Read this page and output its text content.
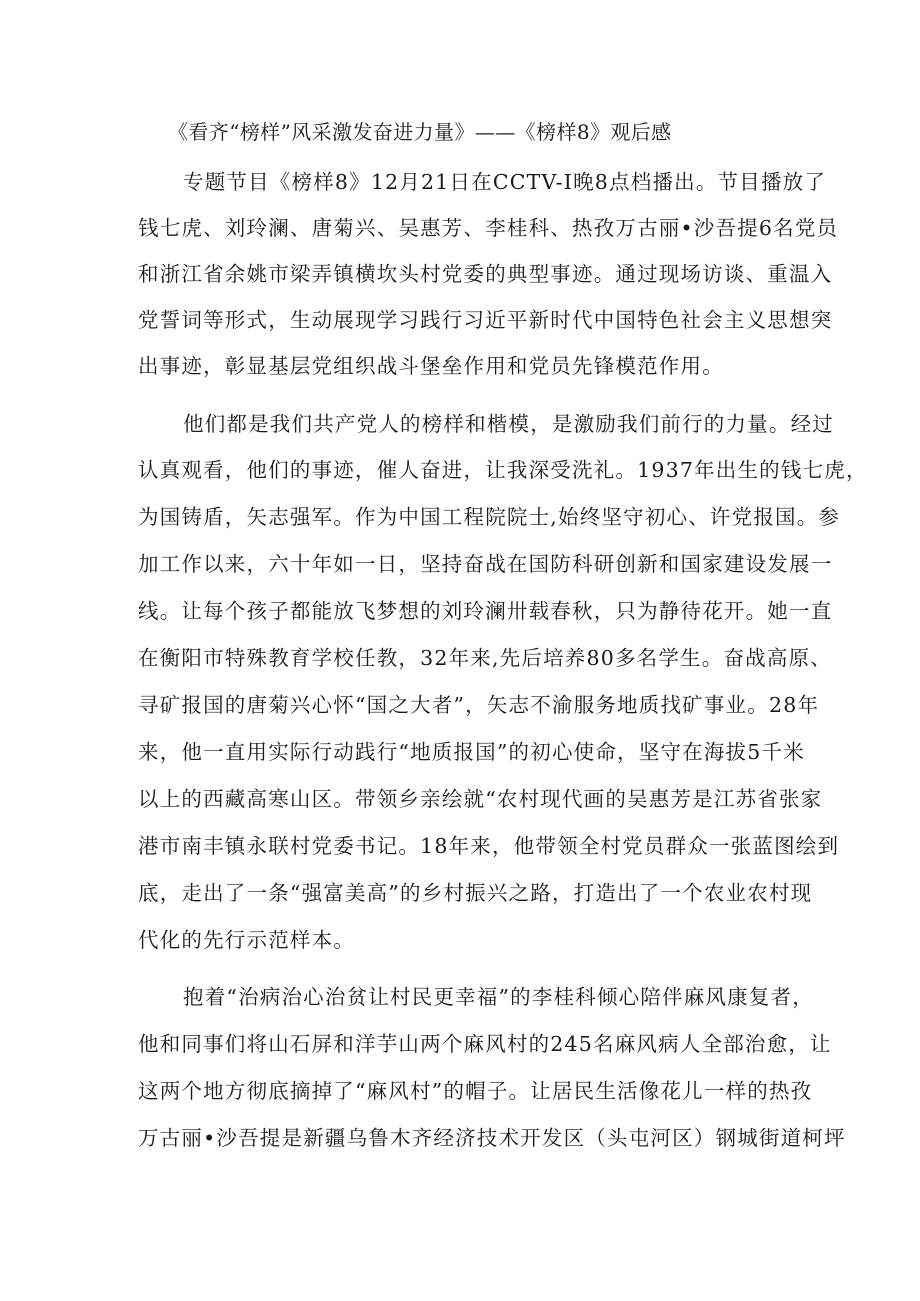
《看齐“榜样”风采激发奋进力量》——《榜样8》观后感
专题节目《榜样8》12月21日在CCTV-I晚8点档播出。节目播放了
钱七虎、刘玲澜、唐菊兴、吴惠芳、李桂科、热孜万古丽•沙吾提6名党员
和浙江省余姚市梁弄镇横坎头村党委的典型事迹。通过现场访谈、重温入
党誓词等形式，生动展现学习践行习近平新时代中国特色社会主义思想突
出事迹，彰显基层党组织战斗堡垒作用和党员先锋模范作用。
他们都是我们共产党人的榜样和楷模，是激励我们前行的力量。经过
认真观看，他们的事迹，催人奋进，让我深受洗礼。1937年出生的钱七虎，
为国铸盾，矢志强军。作为中国工程院院士,始终坚守初心、许党报国。参
加工作以来，六十年如一日，坚持奋战在国防科研创新和国家建设发展一
线。让每个孩子都能放飞梦想的刘玲澜卅载春秋，只为静待花开。她一直
在衡阳市特殊教育学校任教，32年来,先后培养80多名学生。奋战高原、
寻矿报国的唐菊兴心怀“国之大者”，矢志不渝服务地质找矿事业。28年
来，他一直用实际行动践行“地质报国”的初心使命，坚守在海拔5千米
以上的西藏高寒山区。带领乡亲绘就“农村现代画的吴惠芳是江苏省张家
港市南丰镇永联村党委书记。18年来，他带领全村党员群众一张蓝图绘到
底，走出了一条“强富美高”的乡村振兴之路，打造出了一个农业农村现
代化的先行示范样本。
抱着“治病治心治贫让村民更幸福”的李桂科倾心陪伴麻风康复者，
他和同事们将山石屏和洋芋山两个麻风村的245名麻风病人全部治愈，让
这两个地方彻底摘掉了“麻风村”的帽子。让居民生活像花儿一样的热孜
万古丽•沙吾提是新疆乌鲁木齐经济技术开发区（头屯河区）钢城街道柯坪
